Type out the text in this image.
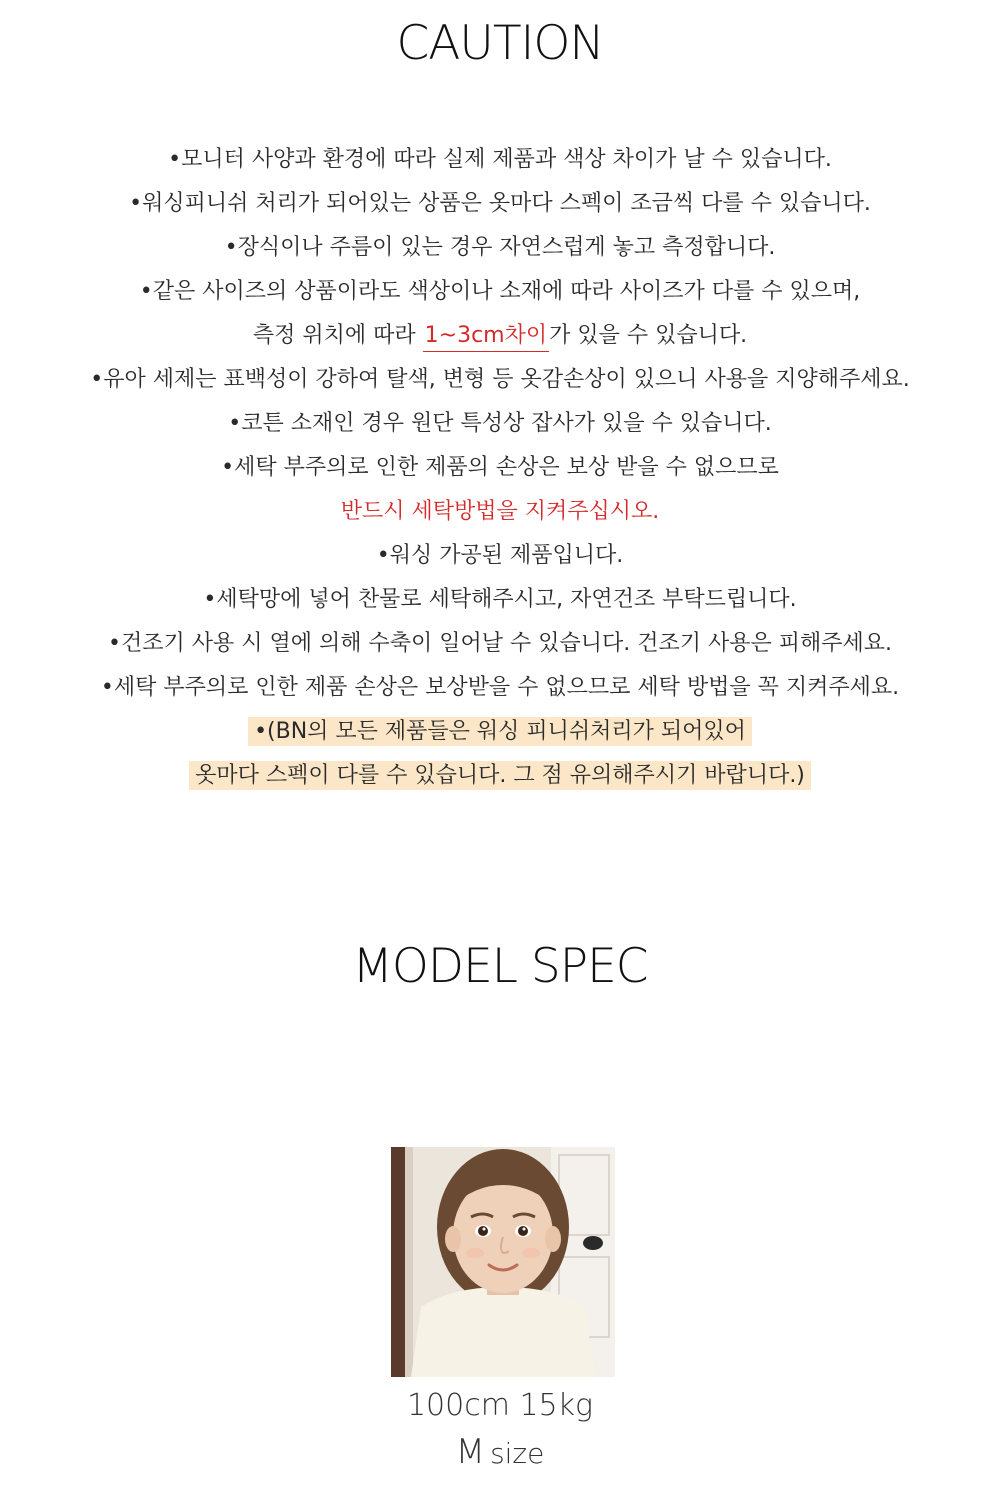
CAUTION
•모니터 사양과 환경에 따라 실제 제품과 색상 차이가 날 수 있습니다.
•워싱피니쉬 처리가 되어있는 상품은 옷마다 스펙이 조금씩 다를 수 있습니다.
•장식이나 주름이 있는 경우 자연스럽게 놓고 측정합니다.
•같은 사이즈의 상품이라도 색상이나 소재에 따라 사이즈가 다를 수 있으며,
측정 위치에 따라 1~3cm차이가 있을 수 있습니다.
•유아 세제는 표백성이 강하여 탈색, 변형 등 옷감손상이 있으니 사용을 지양해주세요.
•코튼 소재인 경우 원단 특성상 잡사가 있을 수 있습니다.
•세탁 부주의로 인한 제품의 손상은 보상 받을 수 없으므로
반드시 세탁방법을 지켜주십시오.
•워싱 가공된 제품입니다.
•세탁망에 넣어 찬물로 세탁해주시고, 자연건조 부탁드립니다.
•건조기 사용 시 열에 의해 수축이 일어날 수 있습니다. 건조기 사용은 피해주세요.
•세탁 부주의로 인한 제품 손상은 보상받을 수 없으므로 세탁 방법을 꼭 지켜주세요.
•(BN의 모든 제품들은 워싱 피니쉬처리가 되어있어
옷마다 스펙이 다를 수 있습니다. 그 점 유의해주시기 바랍니다.)
MODEL SPEC

100cm 15kg

M size
